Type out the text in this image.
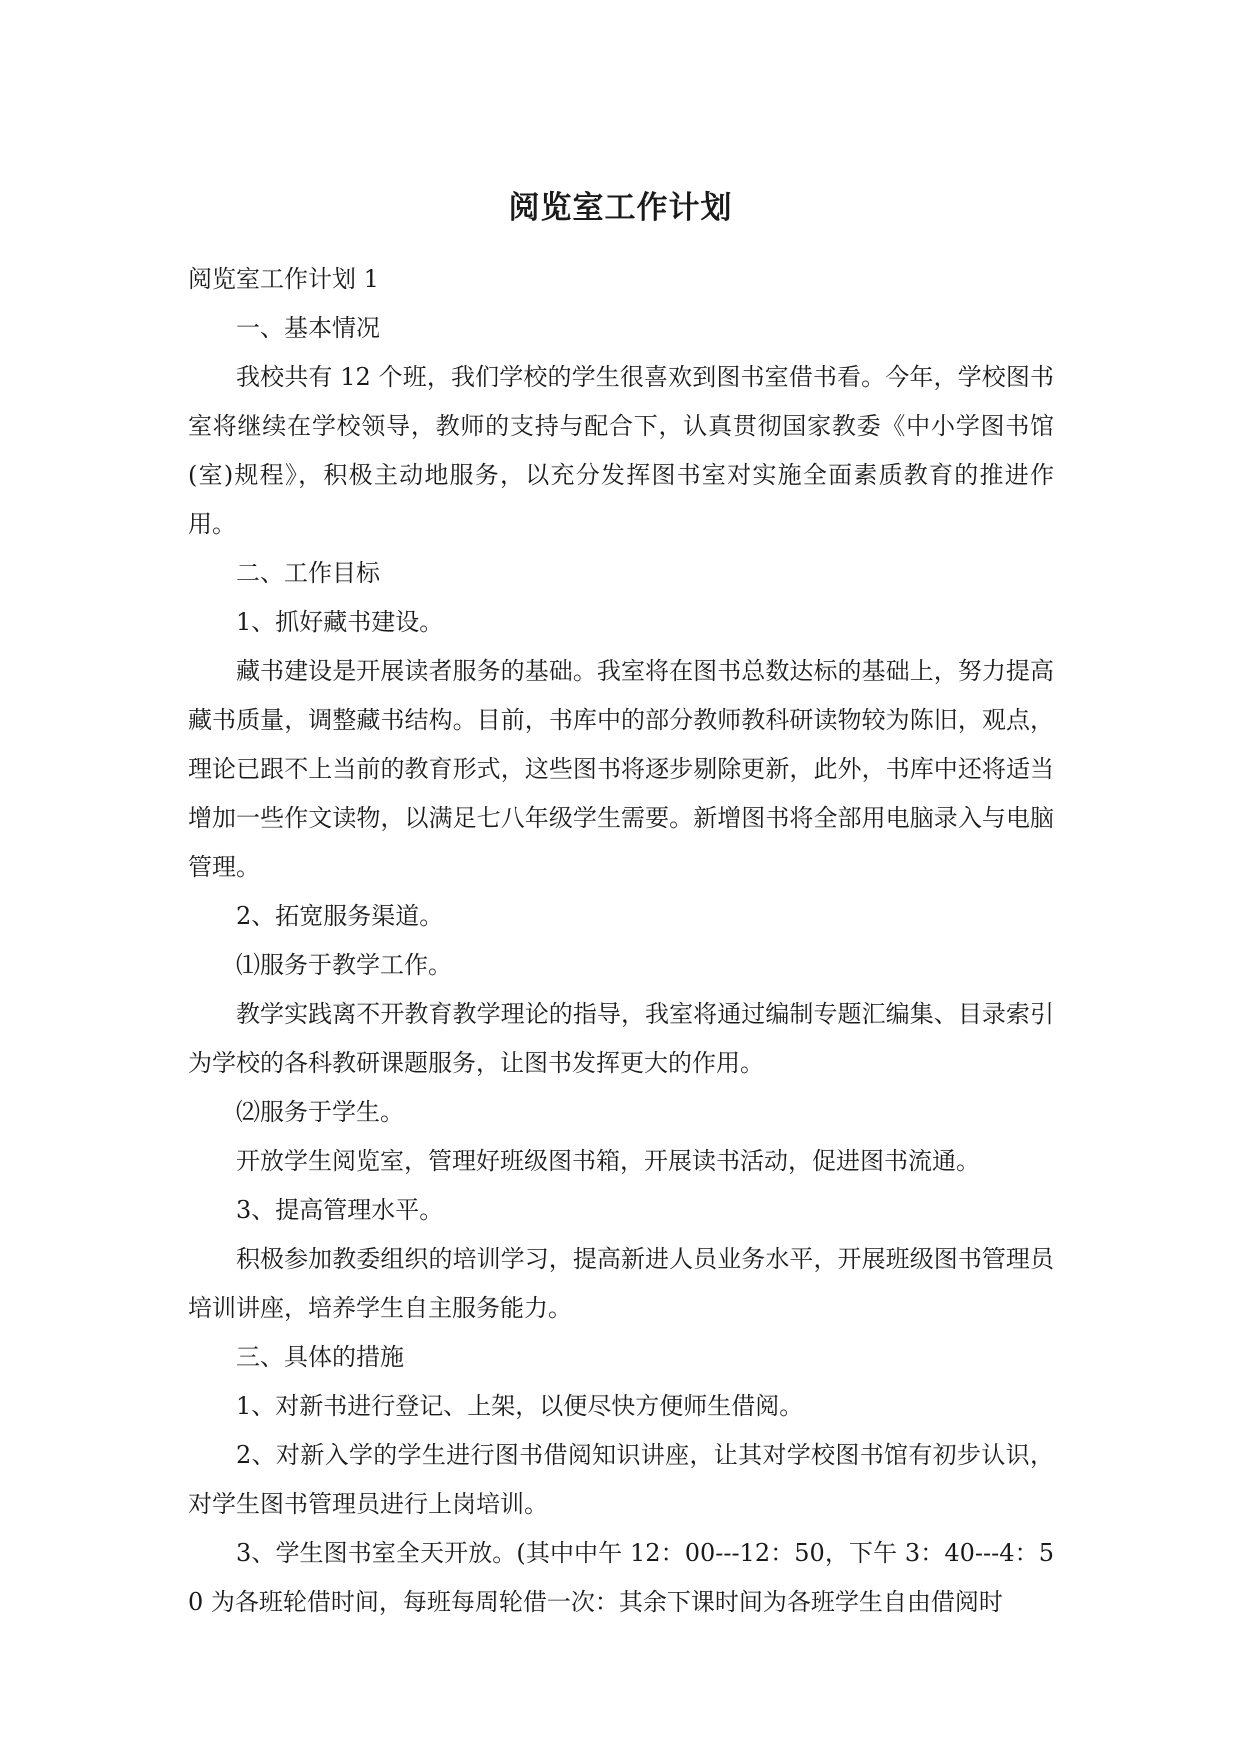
阅览室工作计划

阅览室工作计划 1

一、基本情况

我校共有 12 个班，我们学校的学生很喜欢到图书室借书看。今年，学校图书室将继续在学校领导，教师的支持与配合下，认真贯彻国家教委《中小学图书馆(室)规程》，积极主动地服务，以充分发挥图书室对实施全面素质教育的推进作用。

二、工作目标

1、抓好藏书建设。

藏书建设是开展读者服务的基础。我室将在图书总数达标的基础上，努力提高藏书质量，调整藏书结构。目前，书库中的部分教师教科研读物较为陈旧，观点，理论已跟不上当前的教育形式，这些图书将逐步剔除更新，此外，书库中还将适当增加一些作文读物，以满足七八年级学生需要。新增图书将全部用电脑录入与电脑管理。

2、拓宽服务渠道。

⑴服务于教学工作。

教学实践离不开教育教学理论的指导，我室将通过编制专题汇编集、目录索引为学校的各科教研课题服务，让图书发挥更大的作用。

⑵服务于学生。

开放学生阅览室，管理好班级图书箱，开展读书活动，促进图书流通。

3、提高管理水平。

积极参加教委组织的培训学习，提高新进人员业务水平，开展班级图书管理员培训讲座，培养学生自主服务能力。

三、具体的措施

1、对新书进行登记、上架，以便尽快方便师生借阅。

2、对新入学的学生进行图书借阅知识讲座，让其对学校图书馆有初步认识，对学生图书管理员进行上岗培训。

3、学生图书室全天开放。(其中中午 12：00---12：50，下午 3：40---4：50 为各班轮借时间，每班每周轮借一次：其余下课时间为各班学生自由借阅时
